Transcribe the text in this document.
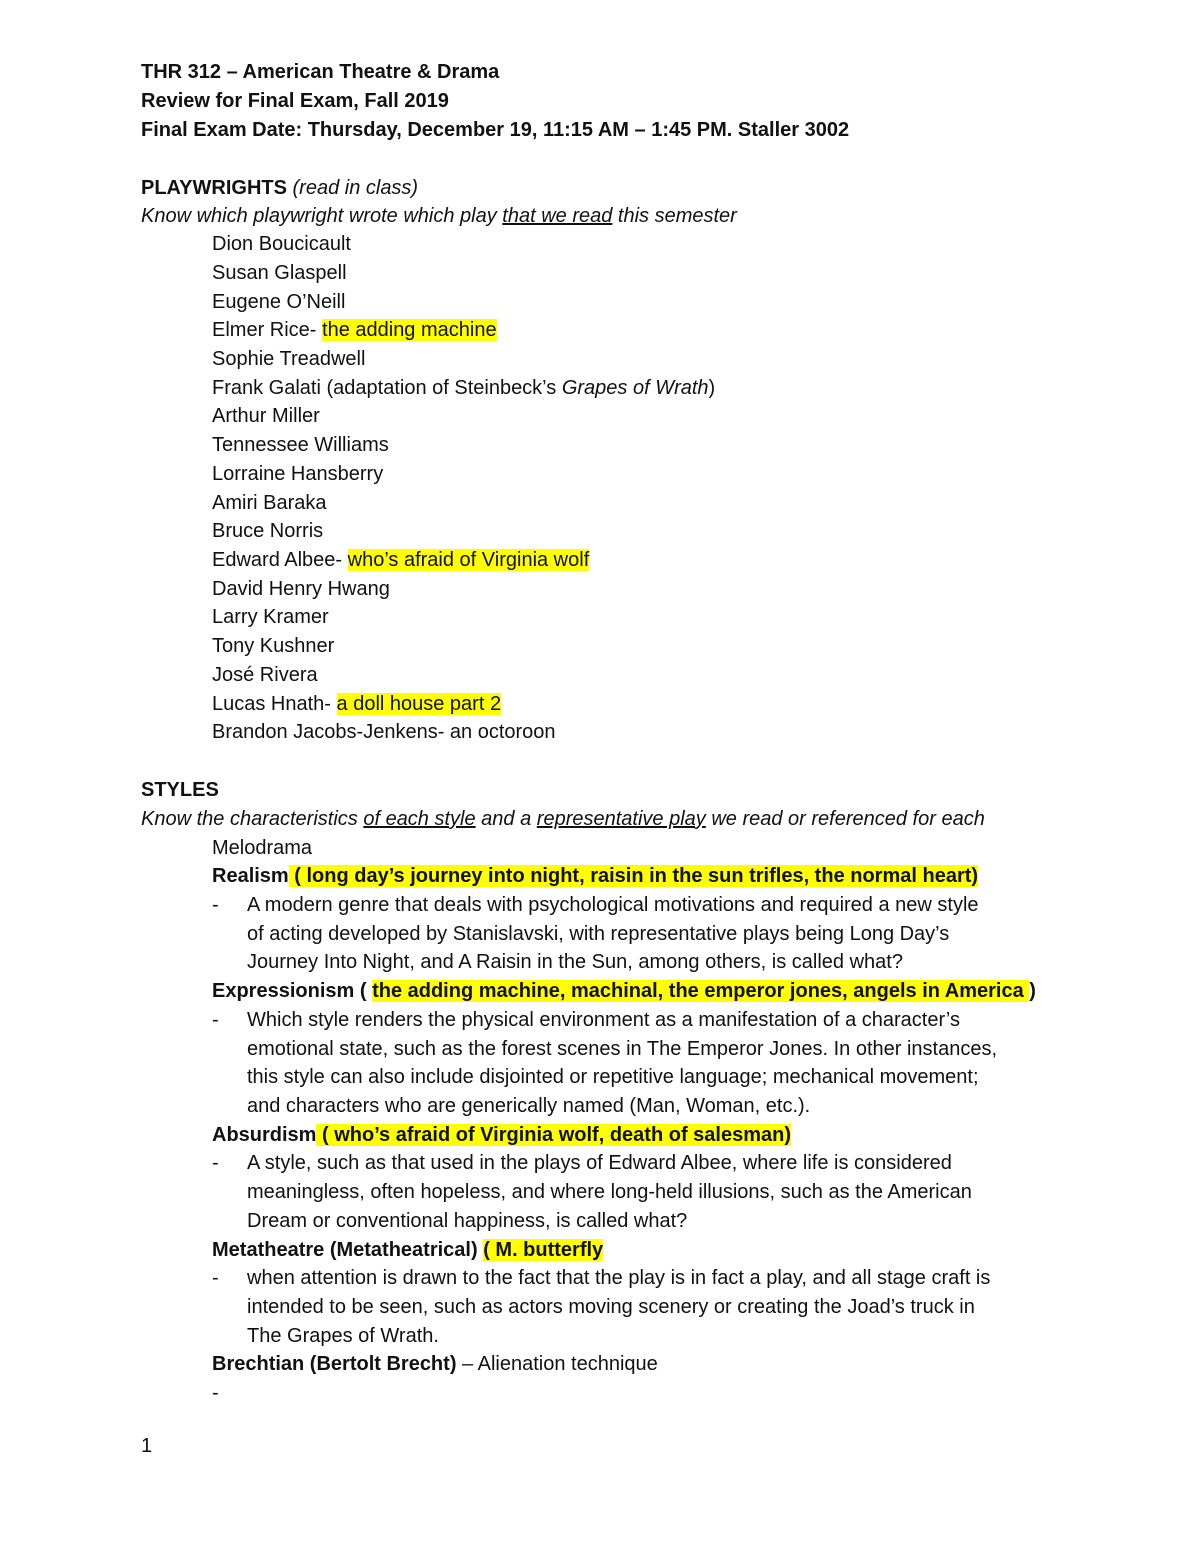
THR 312 – American Theatre & Drama
Review for Final Exam, Fall 2019
Final Exam Date: Thursday, December 19, 11:15 AM – 1:45 PM. Staller 3002
PLAYWRIGHTS (read in class)
Know which playwright wrote which play that we read this semester
Dion Boucicault
Susan Glaspell
Eugene O’Neill
Elmer Rice- the adding machine
Sophie Treadwell
Frank Galati (adaptation of Steinbeck’s Grapes of Wrath)
Arthur Miller
Tennessee Williams
Lorraine Hansberry
Amiri Baraka
Bruce Norris
Edward Albee- who’s afraid of Virginia wolf
David Henry Hwang
Larry Kramer
Tony Kushner
José Rivera
Lucas Hnath- a doll house part 2
Brandon Jacobs-Jenkens- an octoroon
STYLES
Know the characteristics of each style and a representative play we read or referenced for each
Melodrama
Realism ( long day’s journey into night, raisin in the sun trifles, the normal heart)
- A modern genre that deals with psychological motivations and required a new style
of acting developed by Stanislavski, with representative plays being Long Day’s
Journey Into Night, and A Raisin in the Sun, among others, is called what?
Expressionism ( the adding machine, machinal, the emperor jones, angels in America )
- Which style renders the physical environment as a manifestation of a character’s
emotional state, such as the forest scenes in The Emperor Jones. In other instances,
this style can also include disjointed or repetitive language; mechanical movement;
and characters who are generically named (Man, Woman, etc.).
Absurdism ( who’s afraid of Virginia wolf, death of salesman)
- A style, such as that used in the plays of Edward Albee, where life is considered
meaningless, often hopeless, and where long-held illusions, such as the American
Dream or conventional happiness, is called what?
Metatheatre (Metatheatrical) ( M. butterfly
- when attention is drawn to the fact that the play is in fact a play, and all stage craft is
intended to be seen, such as actors moving scenery or creating the Joad’s truck in
The Grapes of Wrath.
Brechtian (Bertolt Brecht) – Alienation technique
-
1
